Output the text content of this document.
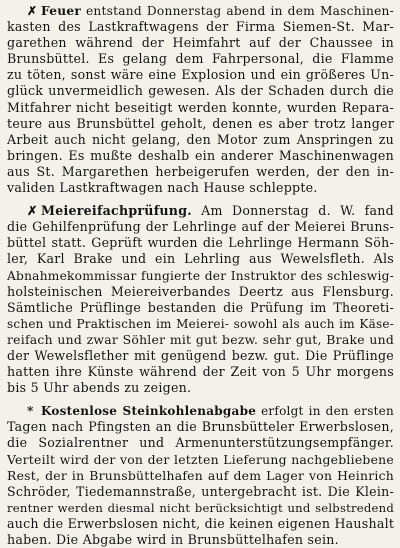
✗ Feuer entstand Donnerstag abend in dem Maschinen-
kasten des Lastkraftwagens der Firma Siemen-St. Mar-
garethen während der Heimfahrt auf der Chaussee in
Brunsbüttel. Es gelang dem Fahrpersonal, die Flamme
zu töten, sonst wäre eine Explosion und ein größeres Un-
glück unvermeidlich gewesen. Als der Schaden durch die
Mitfahrer nicht beseitigt werden konnte, wurden Repara-
teure aus Brunsbüttel geholt, denen es aber trotz langer
Arbeit auch nicht gelang, den Motor zum Anspringen zu
bringen. Es mußte deshalb ein anderer Maschinenwagen
aus St. Margarethen herbeigerufen werden, der den in-
validen Lastkraftwagen nach Hause schleppte.
✗ Meiereifachprüfung. Am Donnerstag d. W. fand
die Gehilfenprüfung der Lehrlinge auf der Meierei Bruns-
büttel statt. Geprüft wurden die Lehrlinge Hermann Söh-
ler, Karl Brake und ein Lehrling aus Wewelsfleth. Als
Abnahmekommissar fungierte der Instruktor des schleswig-
holsteinischen Meiereiverbandes Deertz aus Flensburg.
Sämtliche Prüflinge bestanden die Prüfung im Theoreti-
schen und Praktischen im Meierei- sowohl als auch im Käse-
reifach und zwar Söhler mit gut bezw. sehr gut, Brake und
der Wewelsflether mit genügend bezw. gut. Die Prüflinge
hatten ihre Künste während der Zeit von 5 Uhr morgens
bis 5 Uhr abends zu zeigen.
* Kostenlose Steinkohlenabgabe erfolgt in den ersten
Tagen nach Pfingsten an die Brunsbütteler Erwerbslosen,
die Sozialrentner und Armenunterstützungsempfänger.
Verteilt wird der von der letzten Lieferung nachgebliebene
Rest, der in Brunsbüttelhafen auf dem Lager von Heinrich
Schröder, Tiedemannstraße, untergebracht ist. Die Klein-
rentner werden diesmal nicht berücksichtigt und selbstredend
auch die Erwerbslosen nicht, die keinen eigenen Haushalt
haben. Die Abgabe wird in Brunsbüttelhafen sein.
